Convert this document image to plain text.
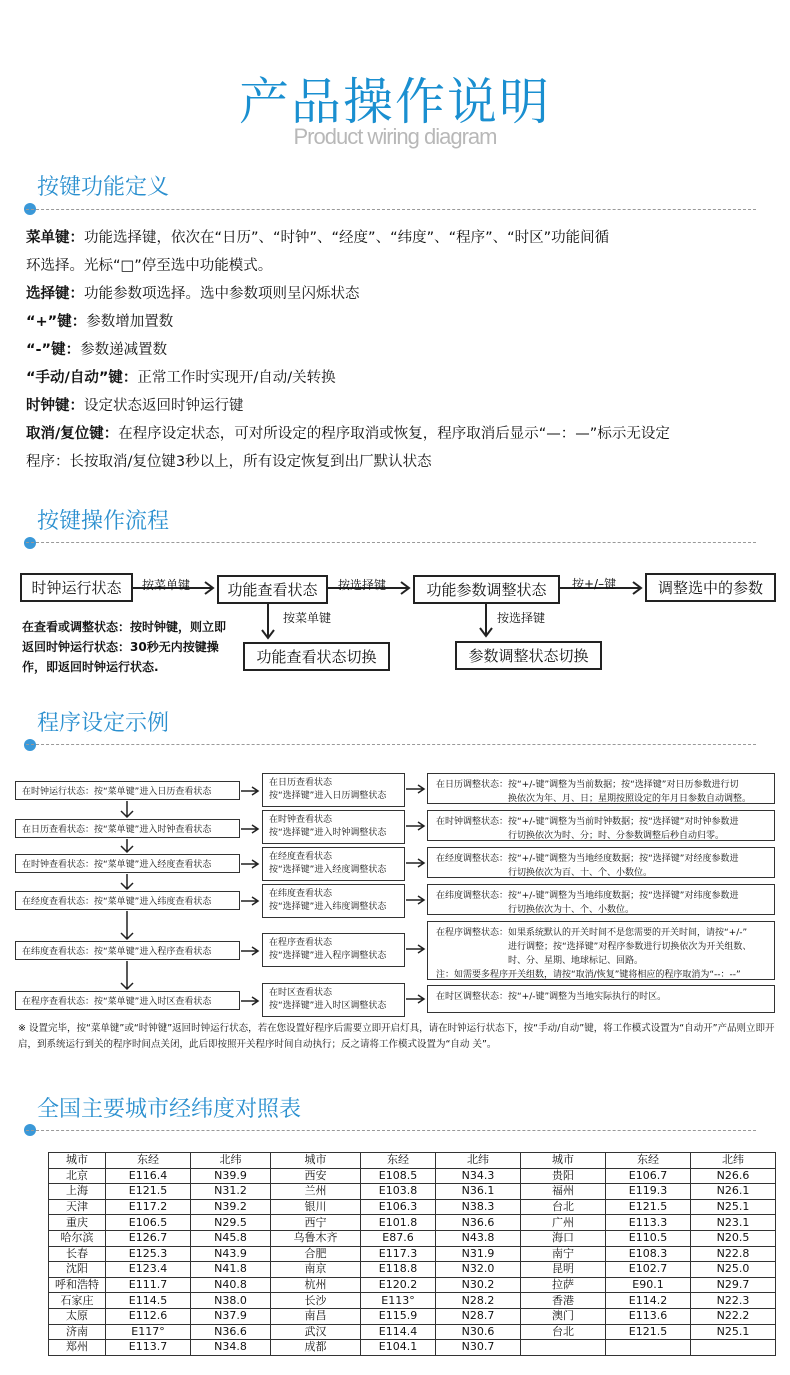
产品操作说明
Product wiring diagram
按键功能定义
菜单键：功能选择键，依次在“日历”、“时钟”、“经度”、“纬度”、“程序”、“时区”功能间循
环选择。光标“□”停至选中功能模式。
选择键：功能参数项选择。选中参数项则呈闪烁状态
“+”键：参数增加置数
“-”键：参数递减置数
“手动/自动”键：正常工作时实现开/自动/关转换
时钟键：设定状态返回时钟运行键
取消/复位键：在程序设定状态，可对所设定的程序取消或恢复，程序取消后显示“—：—”标示无设定
程序：长按取消/复位键3秒以上，所有设定恢复到出厂默认状态
按键操作流程
时钟运行状态	功能查看状态	功能参数调整状态	调整选中的参数
功能查看状态切换	参数调整状态切换
按菜单键	按选择键	按+/–键
按菜单键	按选择键
在查看或调整状态：按时钟键，则立即返回时钟运行状态：30秒无内按键操作，即返回时钟运行状态.
程序设定示例
在时钟运行状态：按“菜单键”进入日历查看状态
在日历查看状态：按“菜单键”进入时钟查看状态
在时钟查看状态：按“菜单键”进入经度查看状态
在经度查看状态：按“菜单键”进入纬度查看状态
在纬度查看状态：按“菜单键”进入程序查看状态
在程序查看状态：按“菜单键”进入时区查看状态
在日历查看状态
按“选择键”进入日历调整状态
在时钟查看状态
按“选择键”进入时钟调整状态
在经度查看状态
按“选择键”进入经度调整状态
在纬度查看状态
按“选择键”进入纬度调整状态
在程序查看状态
按“选择键”进入程序调整状态
在时区查看状态
按“选择键”进入时区调整状态
在日历调整状态：按“+/-键”调整为当前数据；按“选择键”对日历参数进行切
换依次为年、月、日；星期按照设定的年月日参数自动调整。
在时钟调整状态：按“+/-键”调整为当前时钟数据；按“选择键”对时钟参数进
行切换依次为时、分；时、分参数调整后秒自动归零。
在经度调整状态：按“+/-键”调整为当地经度数据；按“选择键”对经度参数进
行切换依次为百、十、个、小数位。
在纬度调整状态：按“+/-键”调整为当地纬度数据；按“选择键”对纬度参数进
行切换依次为十、个、小数位。
在程序调整状态：如果系统默认的开关时间不是您需要的开关时间，请按“+/-”
进行调整；按“选择键”对程序参数进行切换依次为开关组数、
时、分、星期、地球标记、回路。
注：如需要多程序开关组数，请按“取消/恢复”键将相应的程序取消为“--：--”
在时区调整状态：按“+/-键”调整为当地实际执行的时区。
※ 设置完毕，按“菜单键”或“时钟键”返回时钟运行状态，若在您设置好程序后需要立即开启灯具，请在时钟运行状态下，按“手动/自动”键，将工作模式设置为“自动开”产品则立即开启，到系统运行到关的程序时间点关闭，此后即按照开关程序时间自动执行；反之请将工作模式设置为“自动 关”。
全国主要城市经纬度对照表
城市	东经	北纬	城市	东经	北纬	城市	东经	北纬
北京	E116.4	N39.9	西安	E108.5	N34.3	贵阳	E106.7	N26.6
上海	E121.5	N31.2	兰州	E103.8	N36.1	福州	E119.3	N26.1
天津	E117.2	N39.2	银川	E106.3	N38.3	台北	E121.5	N25.1
重庆	E106.5	N29.5	西宁	E101.8	N36.6	广州	E113.3	N23.1
哈尔滨	E126.7	N45.8	乌鲁木齐	E87.6	N43.8	海口	E110.5	N20.5
长春	E125.3	N43.9	合肥	E117.3	N31.9	南宁	E108.3	N22.8
沈阳	E123.4	N41.8	南京	E118.8	N32.0	昆明	E102.7	N25.0
呼和浩特	E111.7	N40.8	杭州	E120.2	N30.2	拉萨	E90.1	N29.7
石家庄	E114.5	N38.0	长沙	E113°	N28.2	香港	E114.2	N22.3
太原	E112.6	N37.9	南昌	E115.9	N28.7	澳门	E113.6	N22.2
济南	E117°	N36.6	武汉	E114.4	N30.6	台北	E121.5	N25.1
郑州	E113.7	N34.8	成都	E104.1	N30.7			
